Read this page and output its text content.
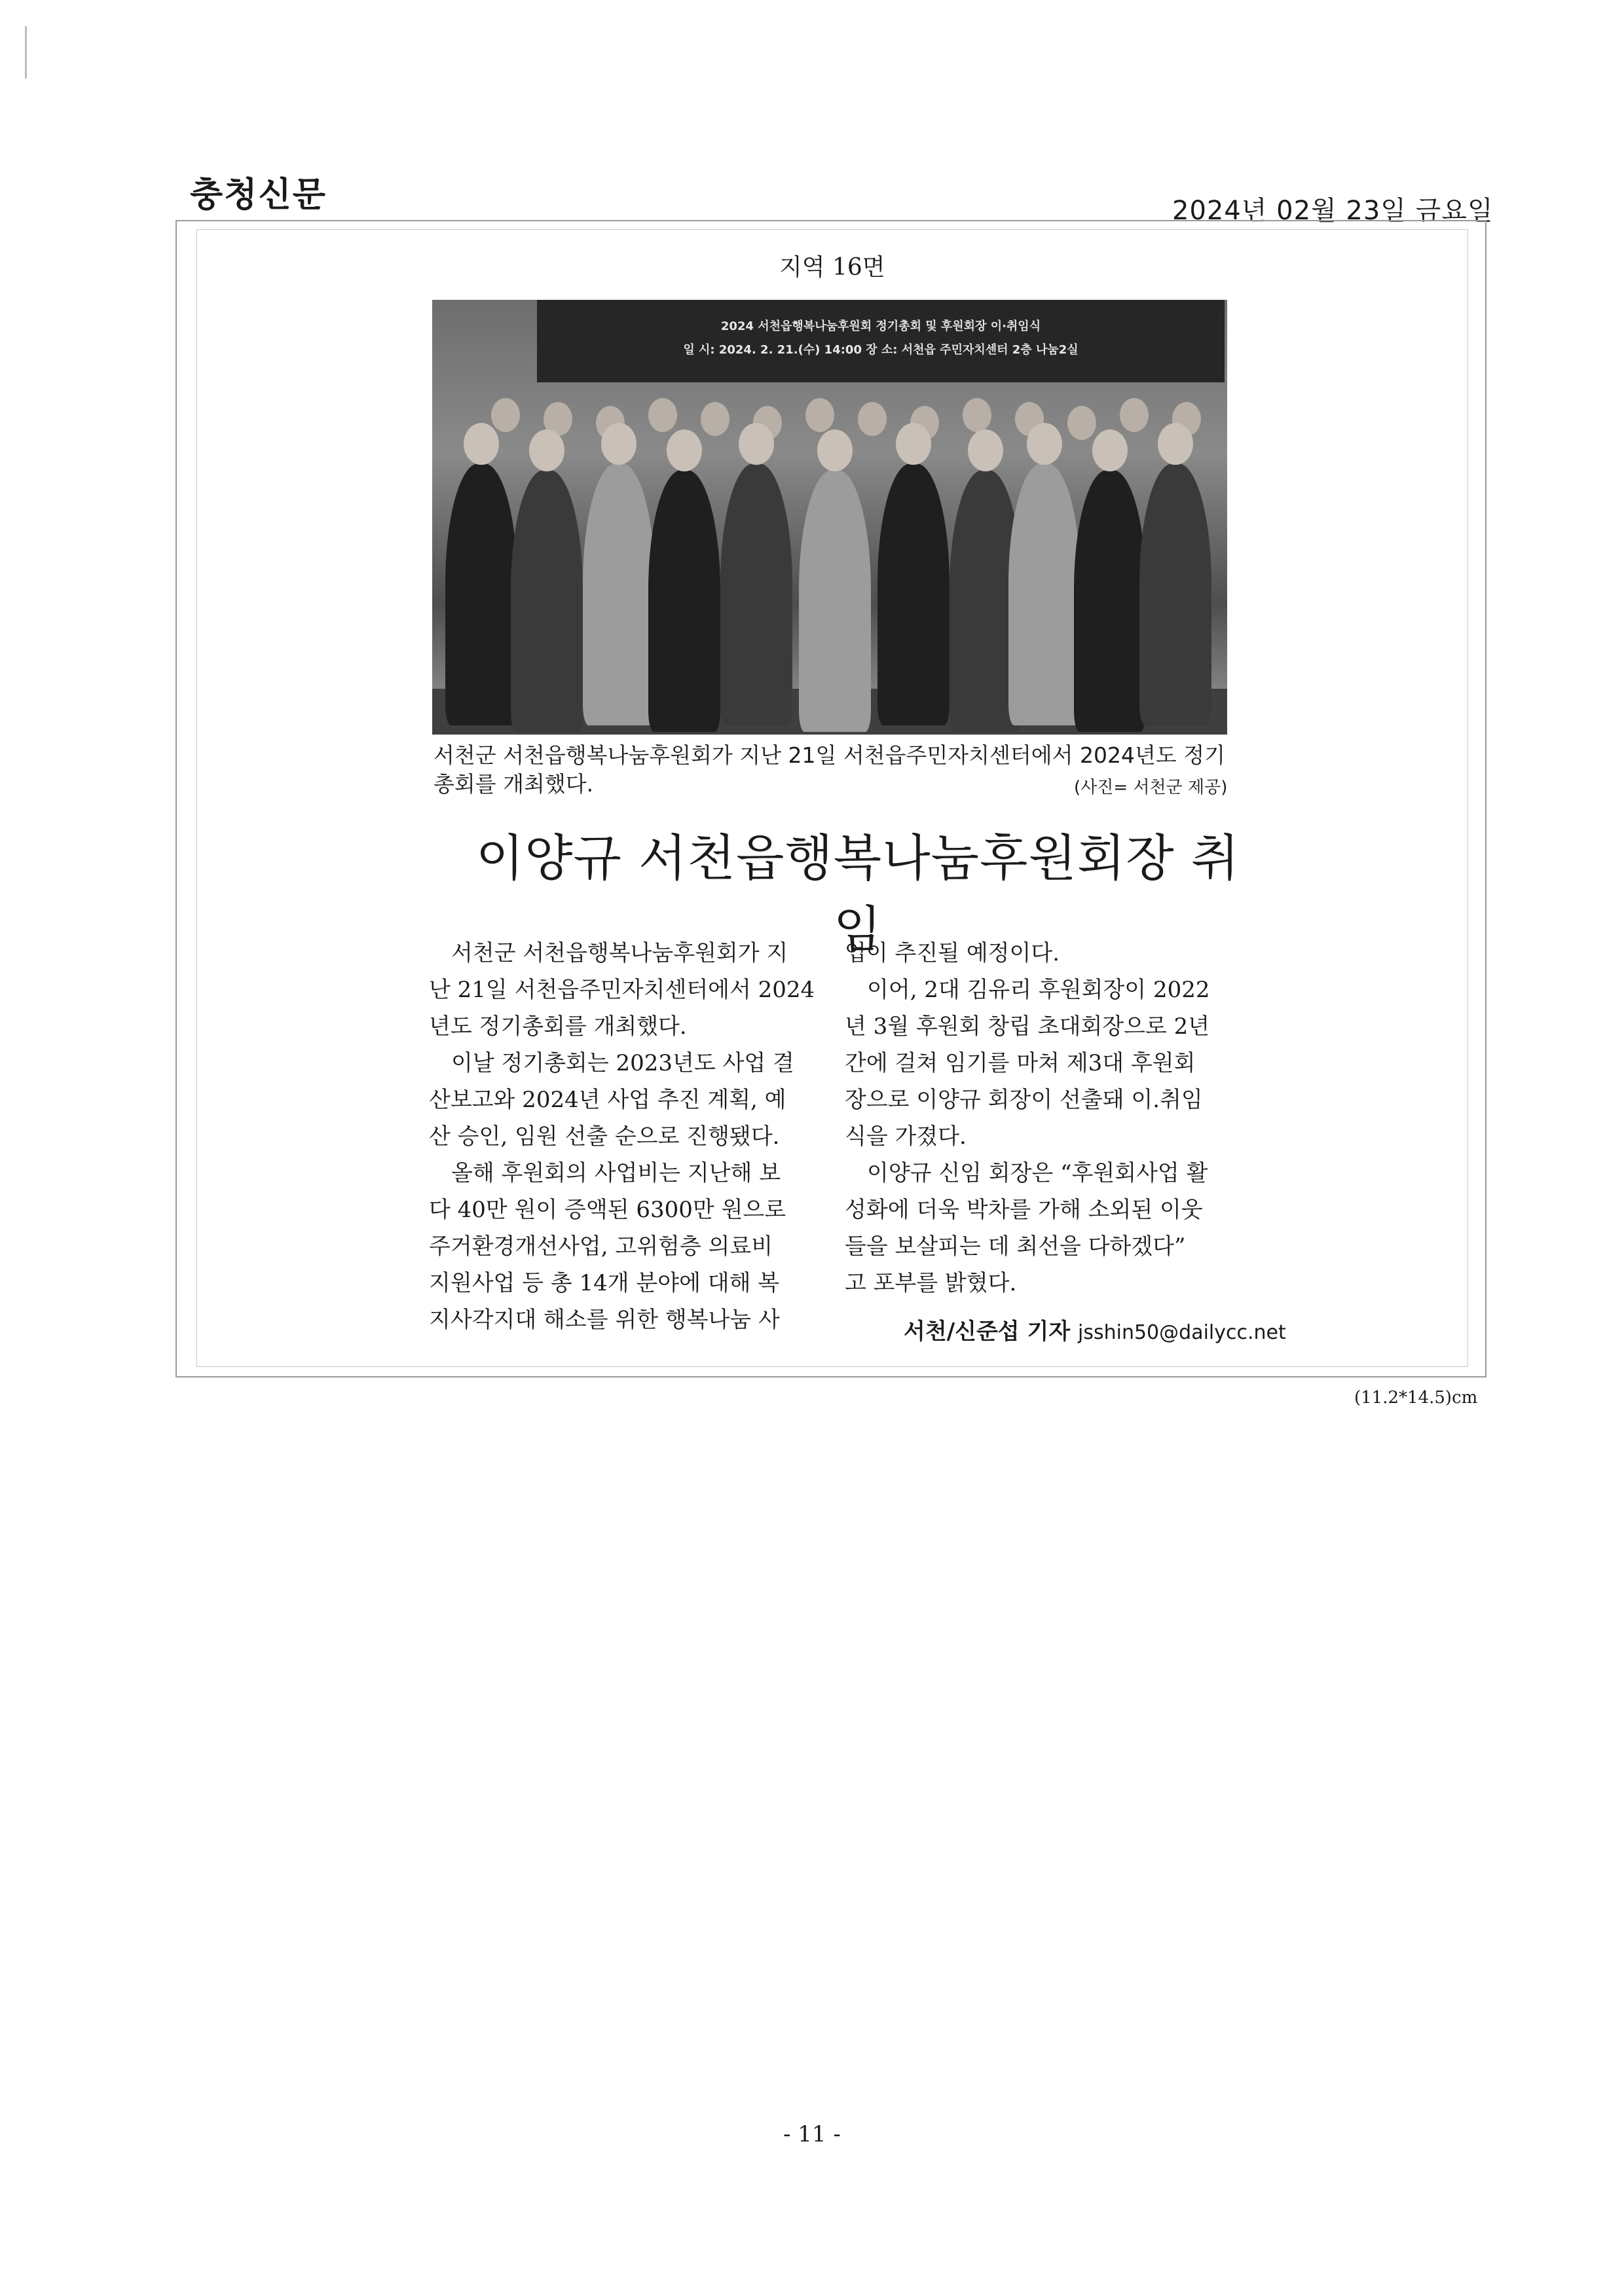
충청신문	2024년 02월 23일 금요일
지역 16면
2024 서천읍행복나눔후원회 정기총회 및 후원회장 이·취임식
일 시: 2024. 2. 21.(수) 14:00 장 소: 서천읍 주민자치센터 2층 나눔2실
서천군 서천읍행복나눔후원회가 지난 21일 서천읍주민자치센터에서 2024년도 정기총회를 개최했다.	(사진= 서천군 제공)
이양규 서천읍행복나눔후원회장 취임
서천군 서천읍행복나눔후원회가 지
난 21일 서천읍주민자치센터에서 2024
년도 정기총회를 개최했다.
이날 정기총회는 2023년도 사업 결
산보고와 2024년 사업 추진 계획, 예
산 승인, 임원 선출 순으로 진행됐다.
올해 후원회의 사업비는 지난해 보
다 40만 원이 증액된 6300만 원으로
주거환경개선사업, 고위험층 의료비
지원사업 등 총 14개 분야에 대해 복
지사각지대 해소를 위한 행복나눔 사
업이 추진될 예정이다.
이어, 2대 김유리 후원회장이 2022
년 3월 후원회 창립 초대회장으로 2년
간에 걸쳐 임기를 마쳐 제3대 후원회
장으로 이양규 회장이 선출돼 이.취임
식을 가졌다.
이양규 신임 회장은 “후원회사업 활
성화에 더욱 박차를 가해 소외된 이웃
들을 보살피는 데 최선을 다하겠다”
고 포부를 밝혔다.
서천/신준섭 기자 jsshin50@dailycc.net
(11.2*14.5)cm
- 11 -
